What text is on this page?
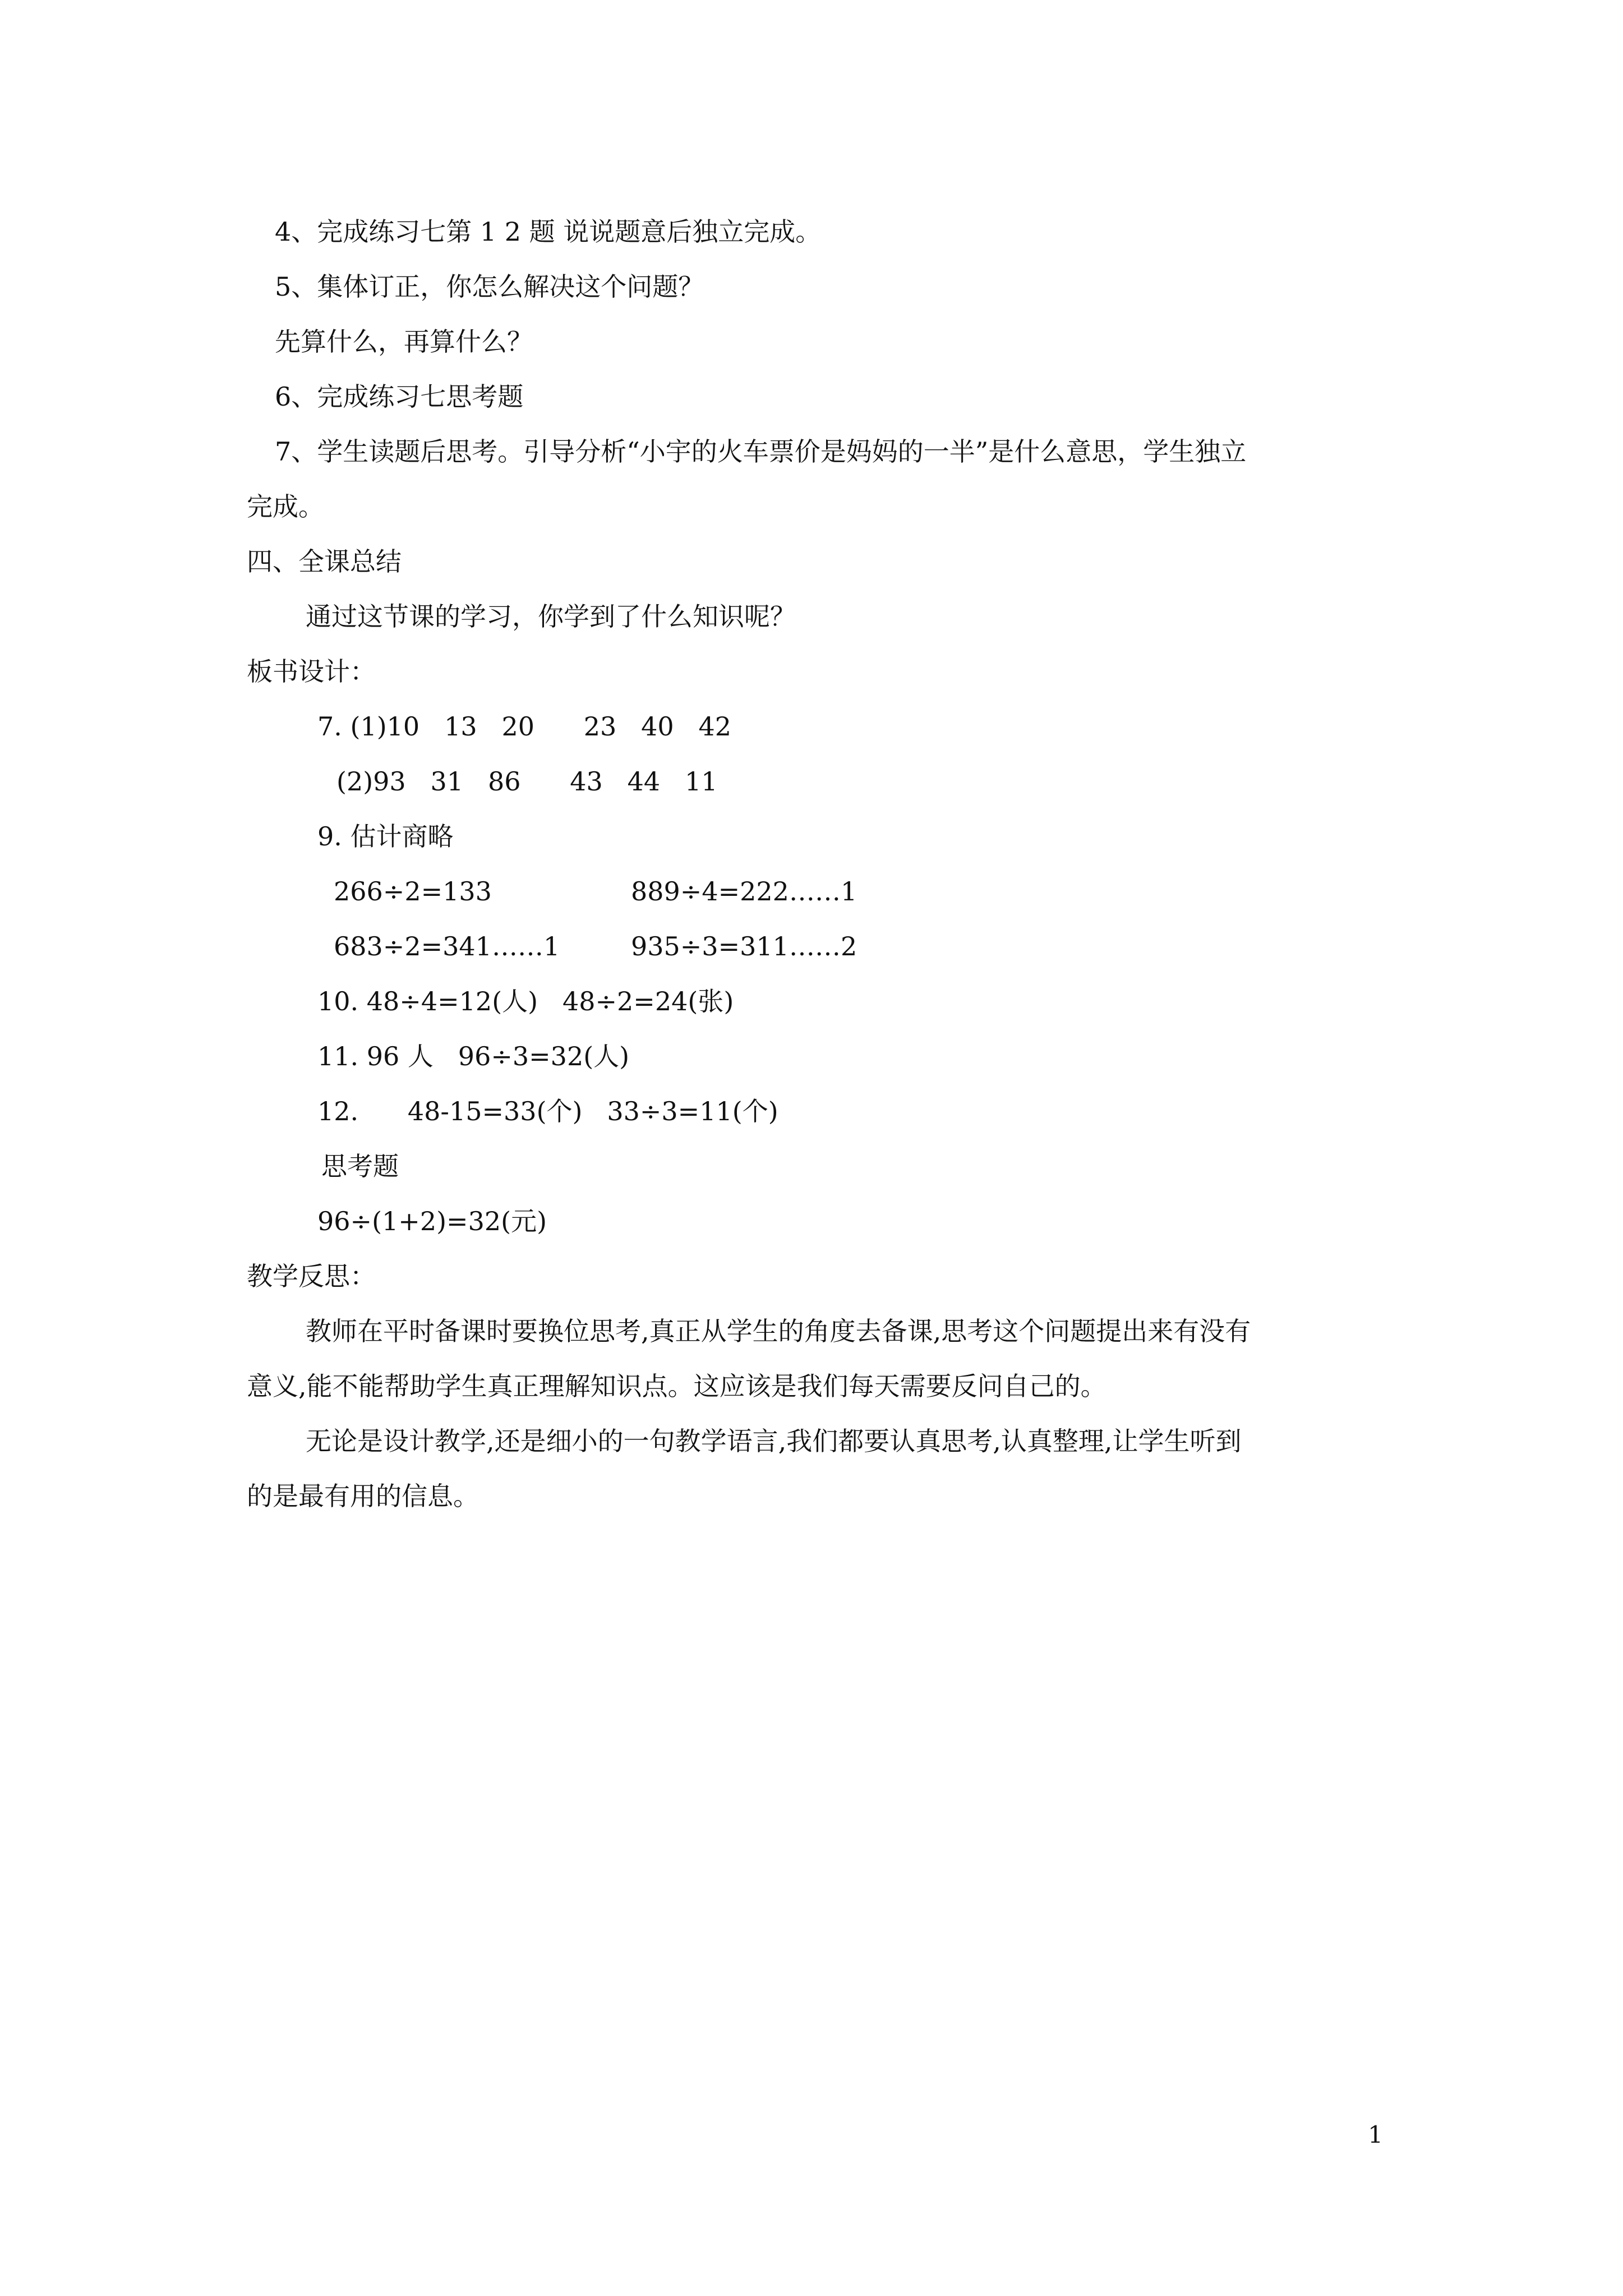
4、完成练习七第 1 2 题 说说题意后独立完成。
5、集体订正，你怎么解决这个问题？
先算什么，再算什么？
6、完成练习七思考题
7、学生读题后思考。引导分析“小宇的火车票价是妈妈的一半”是什么意思，学生独立
完成。
四、全课总结
通过这节课的学习，你学到了什么知识呢？
板书设计：
7. (1)10   13   20      23   40   42
(2)93   31   86      43   44   11
9. 估计商略
266÷2=133	889÷4=222……1
683÷2=341……1	935÷3=311……2
10. 48÷4=12(人)   48÷2=24(张)
11. 96 人   96÷3=32(人)
12.      48-15=33(个)   33÷3=11(个)
思考题
96÷(1+2)=32(元)
教学反思：
教师在平时备课时要换位思考,真正从学生的角度去备课,思考这个问题提出来有没有
意义,能不能帮助学生真正理解知识点。这应该是我们每天需要反问自己的。
无论是设计教学,还是细小的一句教学语言,我们都要认真思考,认真整理,让学生听到
的是最有用的信息。
1
